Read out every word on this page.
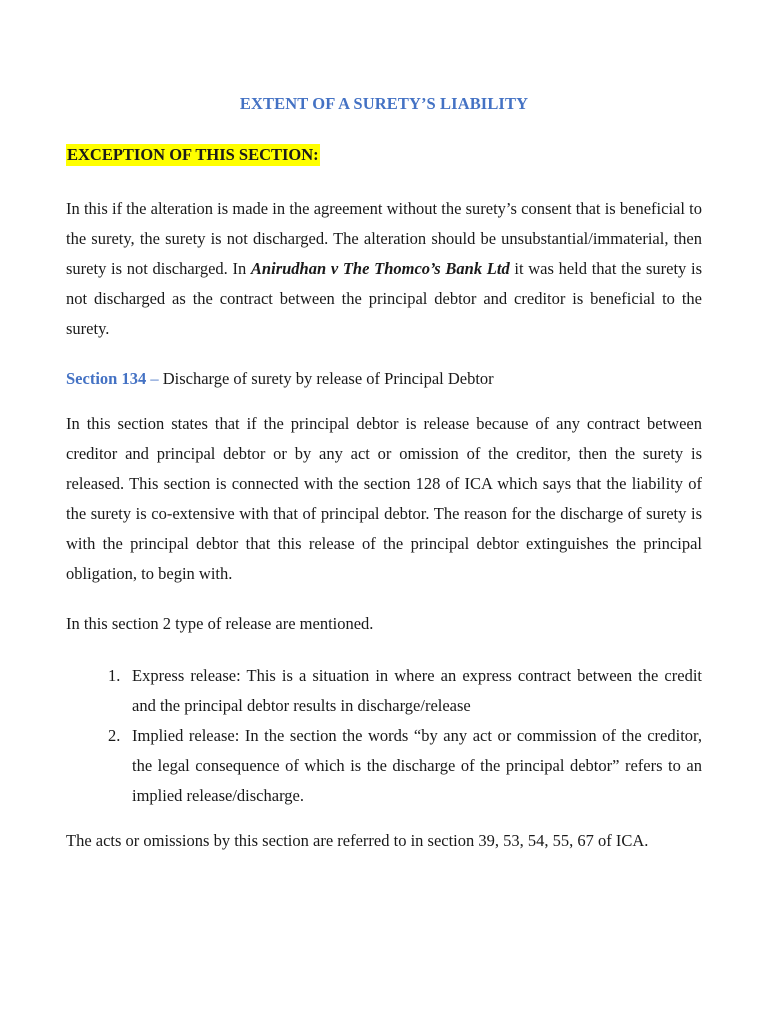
EXTENT OF A SURETY’S LIABILITY
EXCEPTION OF THIS SECTION:

In this if the alteration is made in the agreement without the surety’s consent that is beneficial to the surety, the surety is not discharged. The alteration should be unsubstantial/immaterial, then surety is not discharged. In Anirudhan v The Thomco’s Bank Ltd it was held that the surety is not discharged as the contract between the principal debtor and creditor is beneficial to the surety.

Section 134 – Discharge of surety by release of Principal Debtor

In this section states that if the principal debtor is release because of any contract between creditor and principal debtor or by any act or omission of the creditor, then the surety is released. This section is connected with the section 128 of ICA which says that the liability of the surety is co-extensive with that of principal debtor. The reason for the discharge of surety is with the principal debtor that this release of the principal debtor extinguishes the principal obligation, to begin with.

In this section 2 type of release are mentioned.

1. Express release: This is a situation in where an express contract between the credit and the principal debtor results in discharge/release
2. Implied release: In the section the words “by any act or commission of the creditor, the legal consequence of which is the discharge of the principal debtor” refers to an implied release/discharge.

The acts or omissions by this section are referred to in section 39, 53, 54, 55, 67 of ICA.
